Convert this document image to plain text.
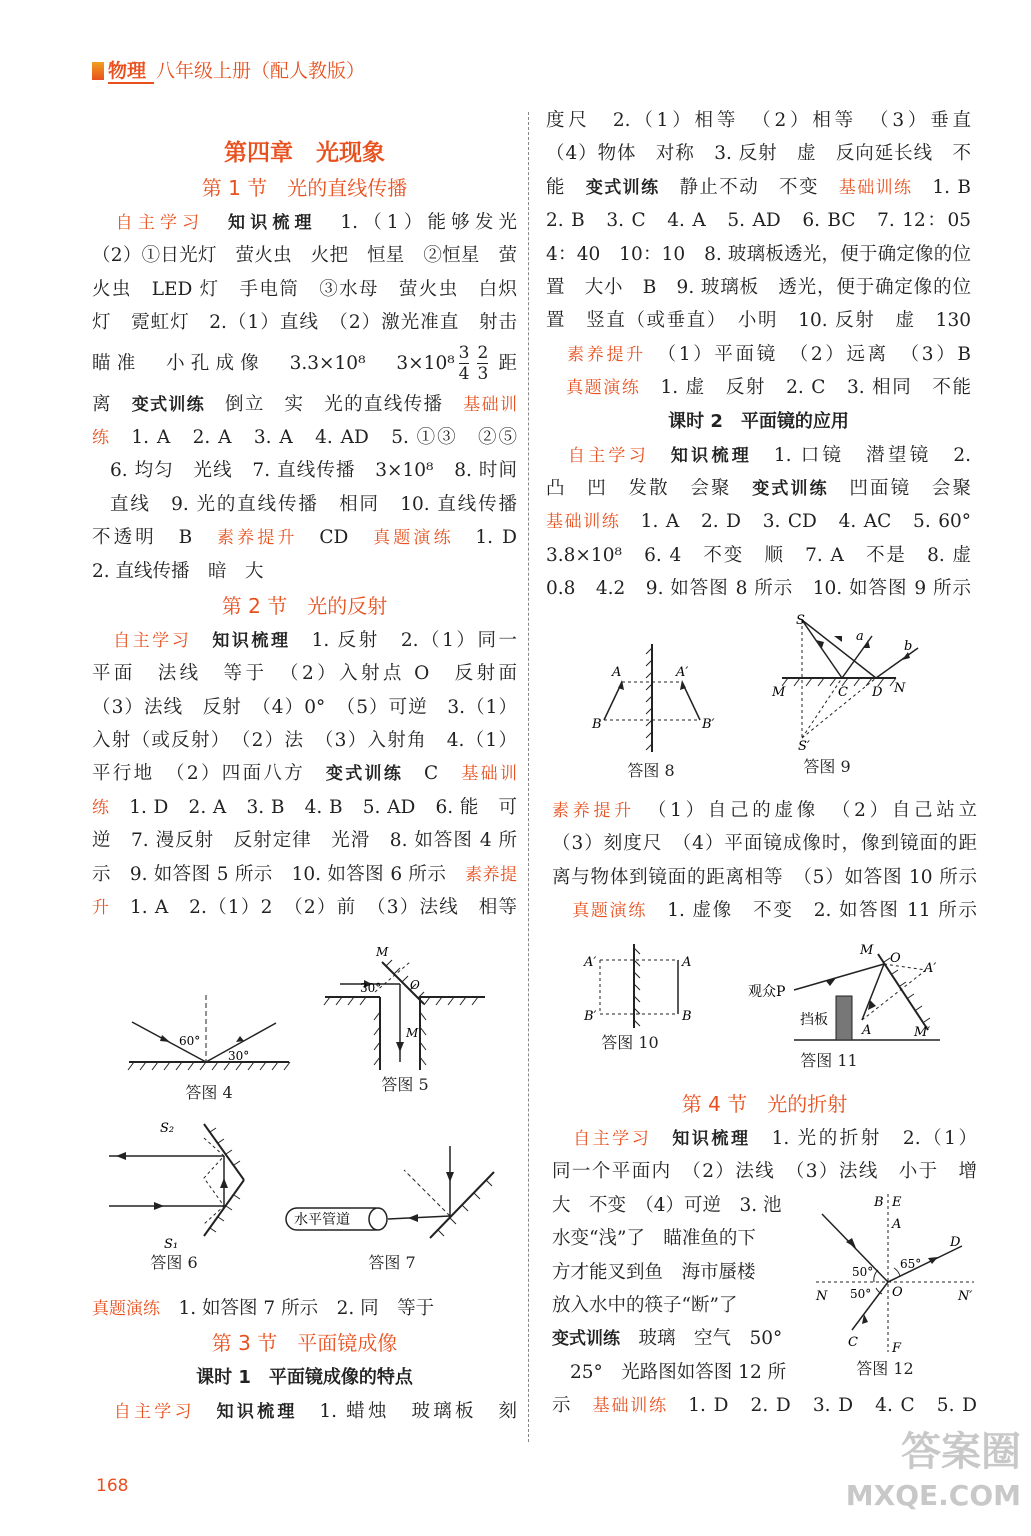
物理 八年级上册（配人教版）
第四章　光现象
第 1 节　光的直线传播
　自主学习　 知识梳理　 1.（1）能够发光
（2）①日光灯　萤火虫　火把　恒星　②恒星　萤
火虫　LED 灯　手电筒　③水母　萤火虫　白炽
灯　霓虹灯　2.（1）直线　（2）激光准直　射击
瞄准　小孔成像　3.3×10⁸　$3\times 10^8 \frac{3}{4} \frac{2}{3}$ 距
离　 变式训练　 倒立　实　光的直线传播　 基础训
练　 1. A　2. A　3. A　4. AD　5. ①③　②⑤
6. 均匀　光线　7. 直线传播　3×10⁸　8. 时间
直线　9. 光的直线传播　相同　10. 直线传播
不透明　B　 素养提升　 CD　 真题演练　 1. D
2. 直线传播　暗　大
第 2 节　光的反射
　自主学习　 知识梳理　 1. 反射　2.（1）同一
平面　法线　等于　（2）入射点 O　反射面
（3）法线　反射　（4）0°　（5）可逆　3.（1）
入射（或反射）　（2）法　（3）入射角　4.（1）
平行地　（2）四面八方　 变式训练　 C　 基础训
练　 1. D　2. A　3. B　4. B　5. AD　6. 能　可
逆　7. 漫反射　反射定律　光滑　8. 如答图 4 所
示　9. 如答图 5 所示　10. 如答图 6 所示　 素养提
升　 1. A　2.（1）2　（2）前　（3）法线　相等
60°
30°
答图 4
M
30° O
M
答图 5
S₂
S₁
答图 6
水平管道
答图 7
真题演练　 1. 如答图 7 所示　2. 同　等于
第 3 节　平面镜成像
课时 1　平面镜成像的特点
　自主学习　 知识梳理　 1. 蜡烛　玻璃板　刻
度尺　2.（1）相等　（2）相等　（3）垂直
（4）物体　对称　3. 反射　虚　反向延长线　不
能　 变式训练　 静止不动　不变　 基础训练　 1. B
2. B　3. C　4. A　5. AD　6. BC　7. 12：05
4：40　10：10　8. 玻璃板透光，便于确定像的位
置　大小　B　9. 玻璃板　透光，便于确定像的位
置　竖直（或垂直）　小明　10. 反射　虚　130
　素养提升　 （1）平面镜　（2）远离　（3）B
　真题演练　 1. 虚　反射　2. C　3. 相同　不能
课时 2　平面镜的应用
　自主学习　 知识梳理　 1. 口镜　潜望镜　2.
凸　凹　发散　会聚　 变式训练　 凹面镜　会聚
基础训练　 1. A　2. D　3. CD　4. AC　5. 60°
3.8×10⁸　6. 4　不变　顺　7. A　不是　8. 虚
0.8　4.2　9. 如答图 8 所示　10. 如答图 9 所示
A	A′
B	B′
答图 8
S
a
b
M	C D N
S′
答图 9
素养提升　 （1）自己的虚像　（2）自己站立
（3）刻度尺　（4）平面镜成像时，像到镜面的距
离与物体到镜面的距离相等　（5）如答图 10 所示
　真题演练　 1. 虚像　不变　2. 如答图 11 所示
A′	A
B′	B
答图 10
M
O
A′
观众P
挡板
A	M′
答图 11
第 4 节　光的折射
　自主学习　 知识梳理　 1. 光的折射　2.（1）
同一个平面内　（2）法线　（3）法线　小于　增
大　不变　（4）可逆　3. 池
水变“浅”了　瞄准鱼的下
方才能叉到鱼　海市蜃楼
放入水中的筷子“断”了
变式训练　 玻璃　空气　50°
25°　光路图如答图 12 所
示　 基础训练　 1. D　2. D　3. D　4. C　5. D
B E
A
D
65°
50°
50°
N	O	N′
C	F
答图 12
168
答案圈
MXQE.COM
